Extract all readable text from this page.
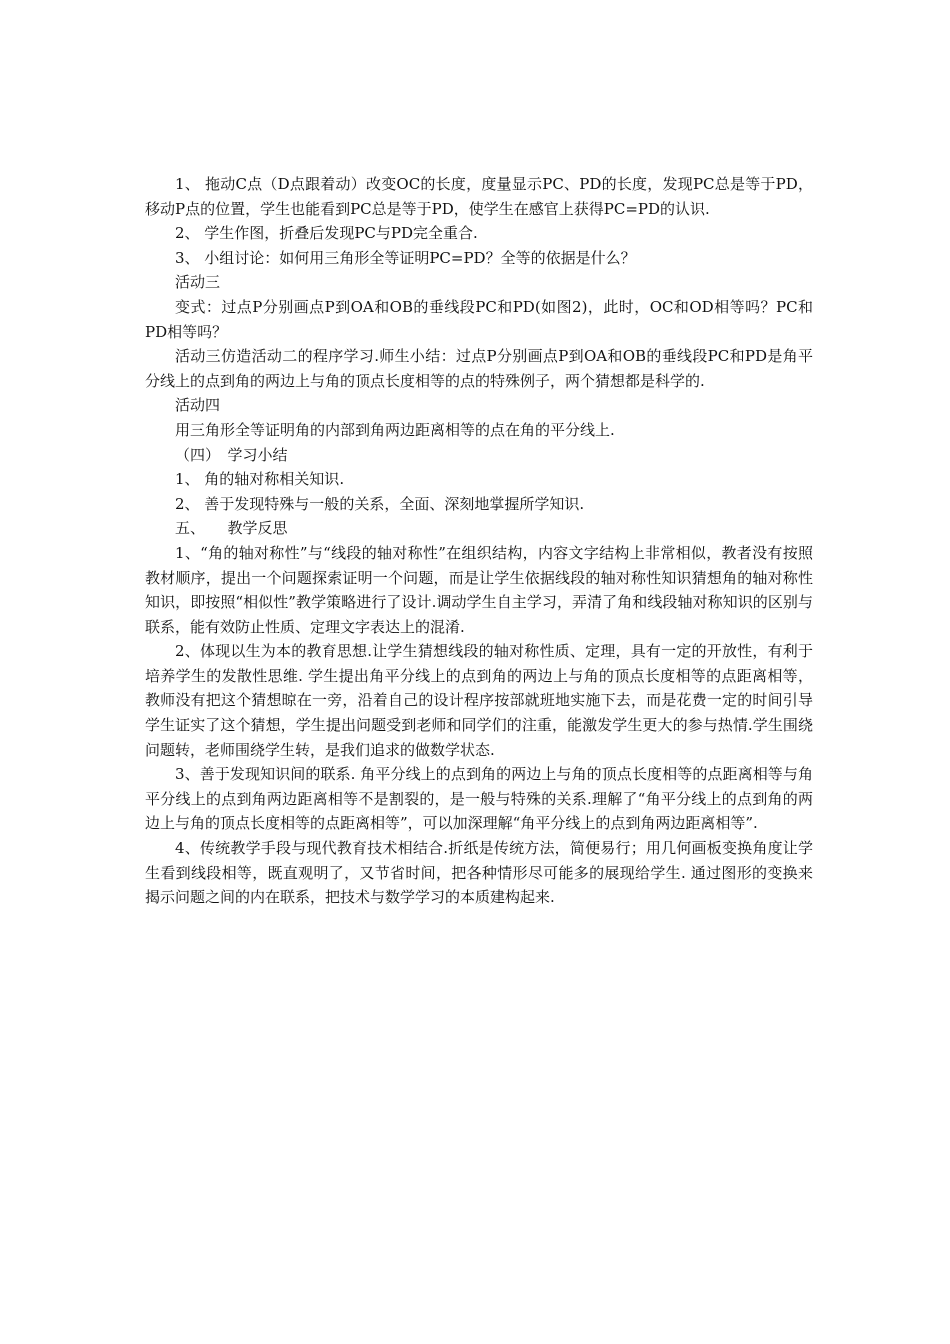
1、 拖动C点（D点跟着动）改变OC的长度，度量显示PC、PD的长度，发现PC总是等于PD，移动P点的位置，学生也能看到PC总是等于PD，使学生在感官上获得PC=PD的认识.

2、 学生作图，折叠后发现PC与PD完全重合.

3、 小组讨论：如何用三角形全等证明PC=PD？全等的依据是什么？

活动三

变式：过点P分别画点P到OA和OB的垂线段PC和PD(如图2)，此时，OC和OD相等吗？PC和PD相等吗？

活动三仿造活动二的程序学习.师生小结：过点P分别画点P到OA和OB的垂线段PC和PD是角平分线上的点到角的两边上与角的顶点长度相等的点的特殊例子，两个猜想都是科学的.

活动四

用三角形全等证明角的内部到角两边距离相等的点在角的平分线上.

（四）　学习小结

1、 角的轴对称相关知识.

2、 善于发现特殊与一般的关系，全面、深刻地掌握所学知识.

五、　　教学反思

1、“角的轴对称性”与“线段的轴对称性”在组织结构，内容文字结构上非常相似，教者没有按照教材顺序，提出一个问题探索证明一个问题，而是让学生依据线段的轴对称性知识猜想角的轴对称性知识，即按照“相似性”教学策略进行了设计.调动学生自主学习，弄清了角和线段轴对称知识的区别与联系，能有效防止性质、定理文字表达上的混淆.

2、体现以生为本的教育思想.让学生猜想线段的轴对称性质、定理，具有一定的开放性，有利于培养学生的发散性思维. 学生提出角平分线上的点到角的两边上与角的顶点长度相等的点距离相等，教师没有把这个猜想晾在一旁，沿着自己的设计程序按部就班地实施下去，而是花费一定的时间引导学生证实了这个猜想，学生提出问题受到老师和同学们的注重，能激发学生更大的参与热情.学生围绕问题转，老师围绕学生转，是我们追求的做数学状态.

3、善于发现知识间的联系. 角平分线上的点到角的两边上与角的顶点长度相等的点距离相等与角平分线上的点到角两边距离相等不是割裂的，是一般与特殊的关系.理解了“角平分线上的点到角的两边上与角的顶点长度相等的点距离相等”，可以加深理解“角平分线上的点到角两边距离相等”.

4、传统教学手段与现代教育技术相结合.折纸是传统方法，简便易行；用几何画板变换角度让学生看到线段相等，既直观明了，又节省时间，把各种情形尽可能多的展现给学生. 通过图形的变换来揭示问题之间的内在联系，把技术与数学学习的本质建构起来.
